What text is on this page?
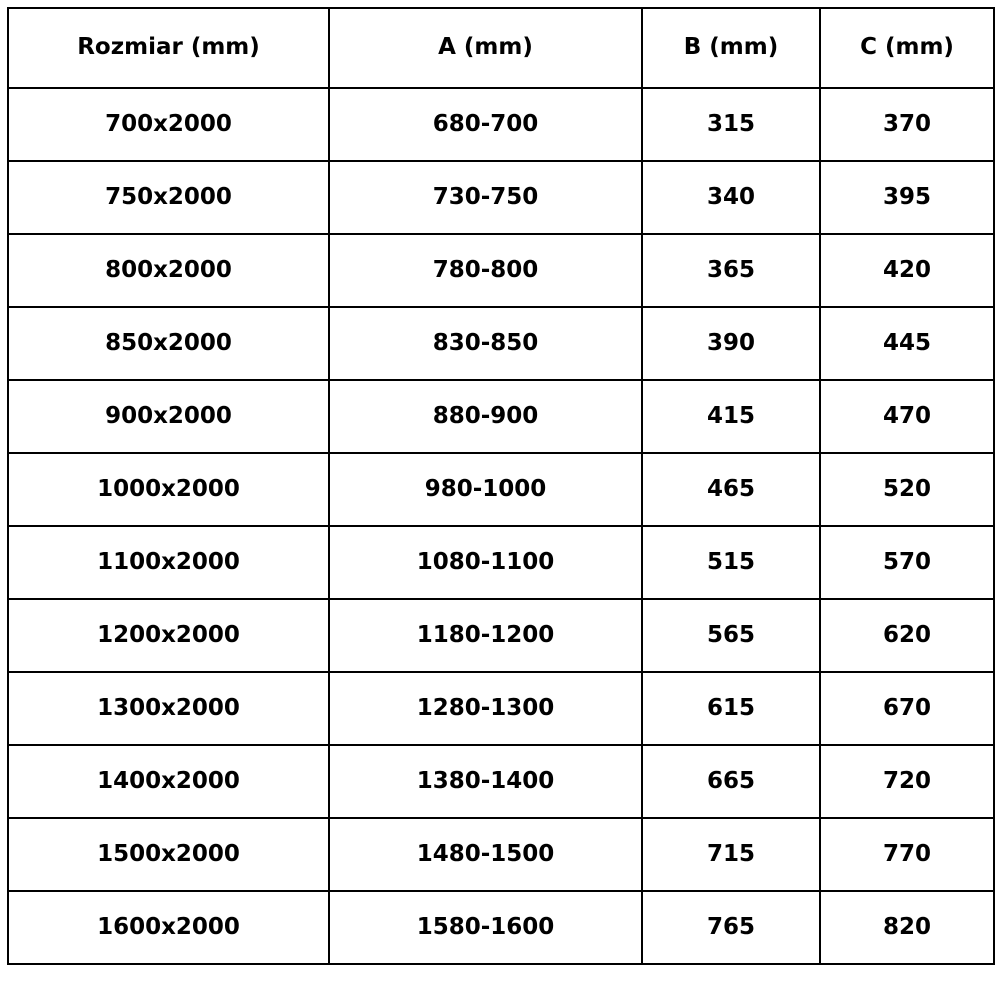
Rozmiar (mm)	A (mm)	B (mm)	C (mm)
700x2000	680-700	315	370
750x2000	730-750	340	395
800x2000	780-800	365	420
850x2000	830-850	390	445
900x2000	880-900	415	470
1000x2000	980-1000	465	520
1100x2000	1080-1100	515	570
1200x2000	1180-1200	565	620
1300x2000	1280-1300	615	670
1400x2000	1380-1400	665	720
1500x2000	1480-1500	715	770
1600x2000	1580-1600	765	820
